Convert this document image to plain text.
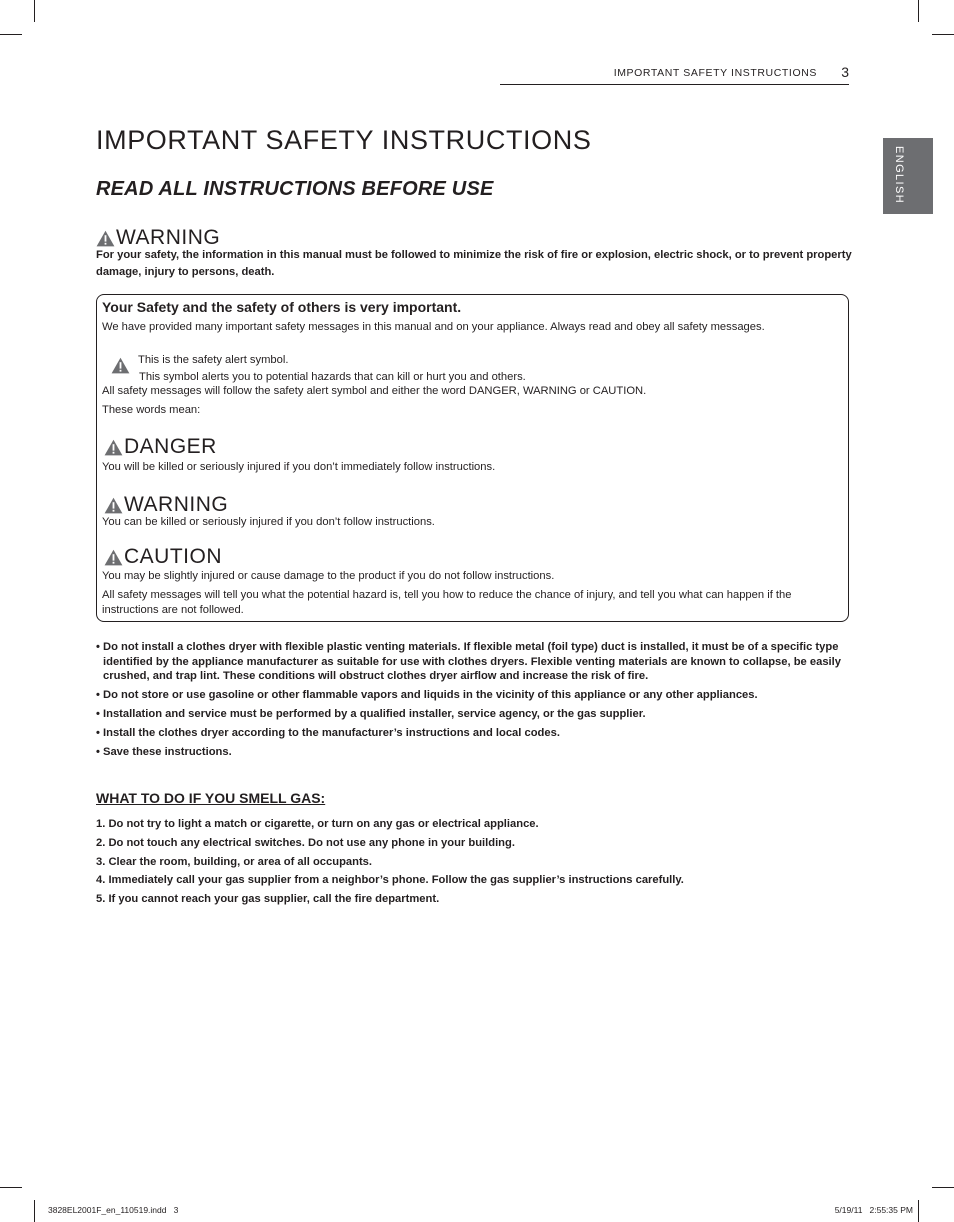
IMPORTANT SAFETY INSTRUCTIONS 3
ENGLISH
IMPORTANT SAFETY INSTRUCTIONS
READ ALL INSTRUCTIONS BEFORE USE
WARNING

For your safety, the information in this manual must be followed to minimize the risk of fire or explosion, electric shock, or to prevent property damage, injury to persons, death.

Your Safety and the safety of others is very important.

We have provided many important safety messages in this manual and on your appliance. Always read and obey all safety messages.

This is the safety alert symbol.

This symbol alerts you to potential hazards that can kill or hurt you and others.

All safety messages will follow the safety alert symbol and either the word DANGER, WARNING or CAUTION.

These words mean:

DANGER

You will be killed or seriously injured if you don’t immediately follow instructions.

WARNING

You can be killed or seriously injured if you don’t follow instructions.

CAUTION

You may be slightly injured or cause damage to the product if you do not follow instructions.

All safety messages will tell you what the potential hazard is, tell you how to reduce the chance of injury, and tell you what can happen if the instructions are not followed.

• Do not install a clothes dryer with flexible plastic venting materials. If flexible metal (foil type) duct is installed, it must be of a specific type identified by the appliance manufacturer as suitable for use with clothes dryers. Flexible venting materials are known to collapse, be easily crushed, and trap lint. These conditions will obstruct clothes dryer airflow and increase the risk of fire.
• Do not store or use gasoline or other flammable vapors and liquids in the vicinity of this appliance or any other appliances.
• Installation and service must be performed by a qualified installer, service agency, or the gas supplier.
• Install the clothes dryer according to the manufacturer’s instructions and local codes.
• Save these instructions.
WHAT TO DO IF YOU SMELL GAS:
1. Do not try to light a match or cigarette, or turn on any gas or electrical appliance.
2. Do not touch any electrical switches. Do not use any phone in your building.
3. Clear the room, building, or area of all occupants.
4. Immediately call your gas supplier from a neighbor’s phone. Follow the gas supplier’s instructions carefully.
5. If you cannot reach your gas supplier, call the fire department.
3828EL2001F_en_110519.indd   3	5/19/11   2:55:35 PM
